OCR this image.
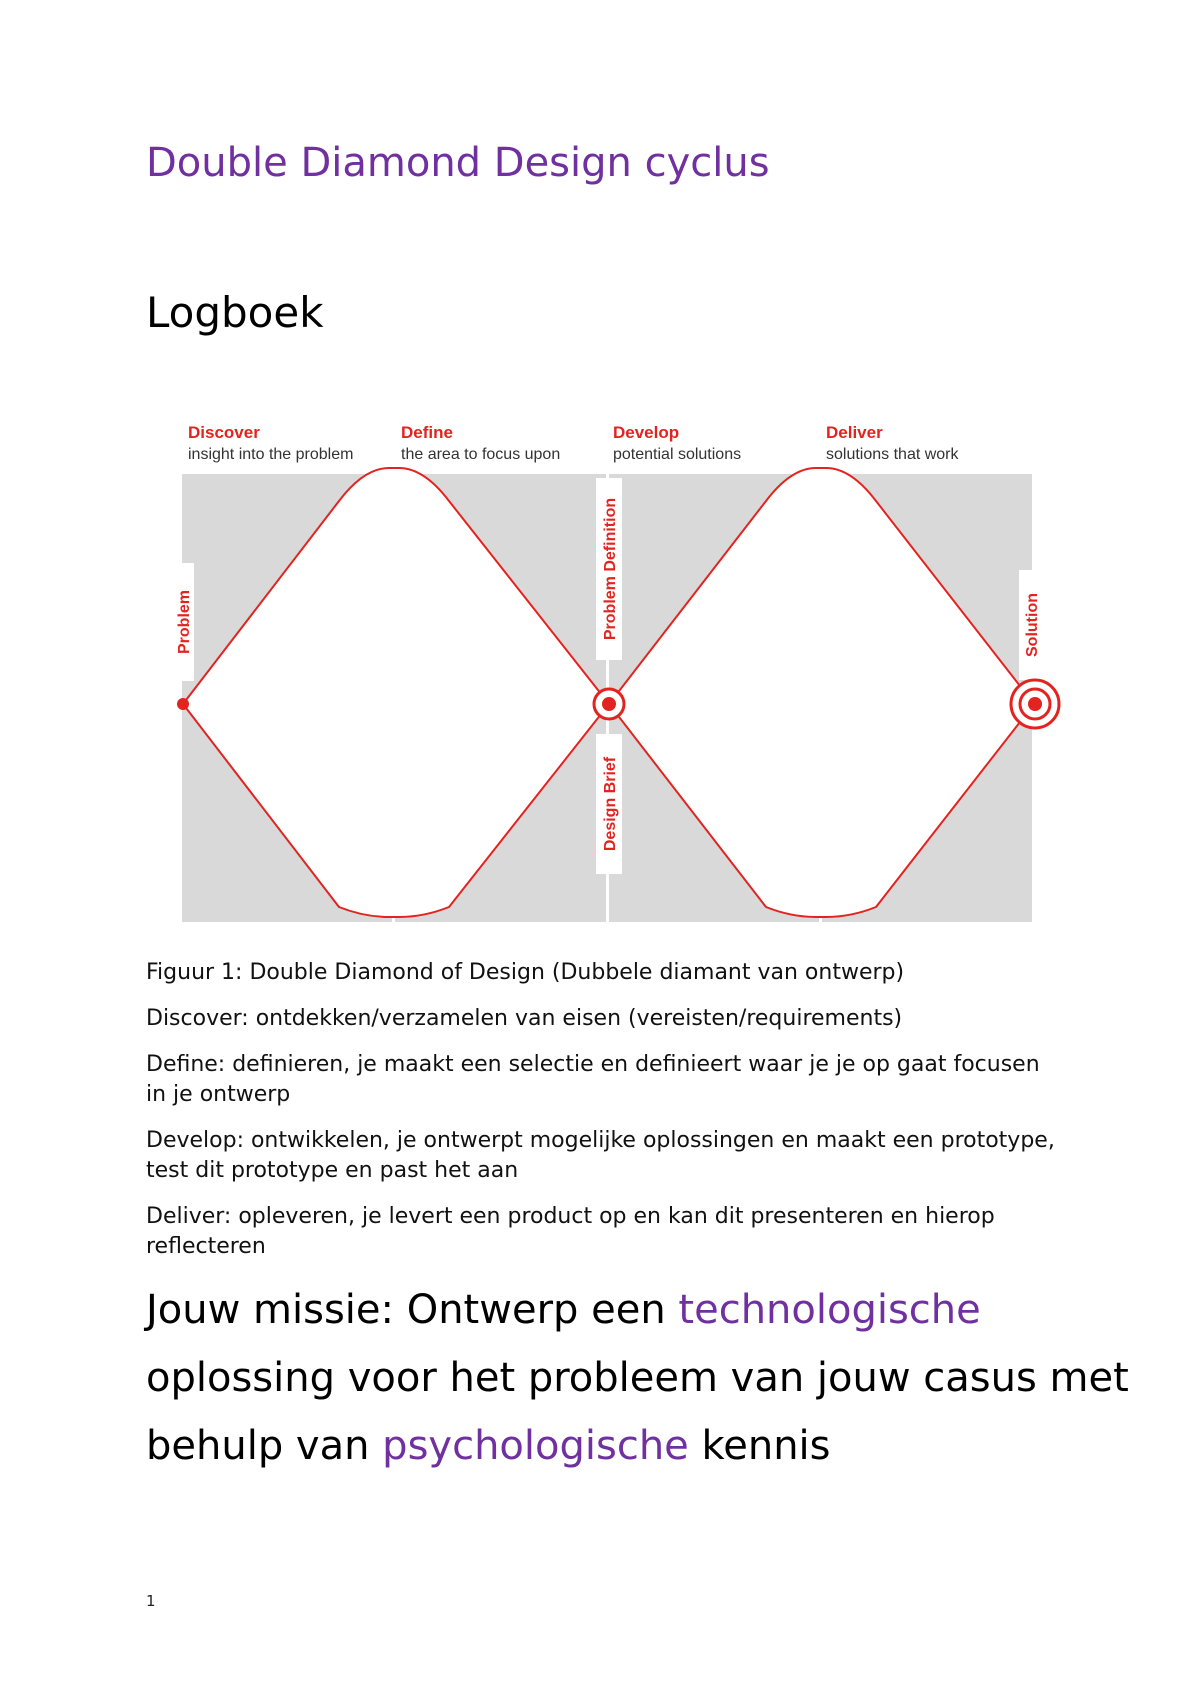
Double Diamond Design cyclus
Logboek
Discover
insight into the problem
Define
the area to focus upon
Develop
potential solutions
Deliver
solutions that work
Problem	Problem Definition
Design Brief
Solution

Figuur 1: Double Diamond of Design (Dubbele diamant van ontwerp)

Discover: ontdekken/verzamelen van eisen (vereisten/requirements)

Define: definieren, je maakt een selectie en definieert waar je je op gaat focusen in je ontwerp

Develop: ontwikkelen, je ontwerpt mogelijke oplossingen en maakt een prototype, test dit prototype en past het aan

Deliver: opleveren, je levert een product op en kan dit presenteren en hierop reflecteren

Jouw missie: Ontwerp een technologische oplossing voor het probleem van jouw casus met behulp van psychologische kennis
1
